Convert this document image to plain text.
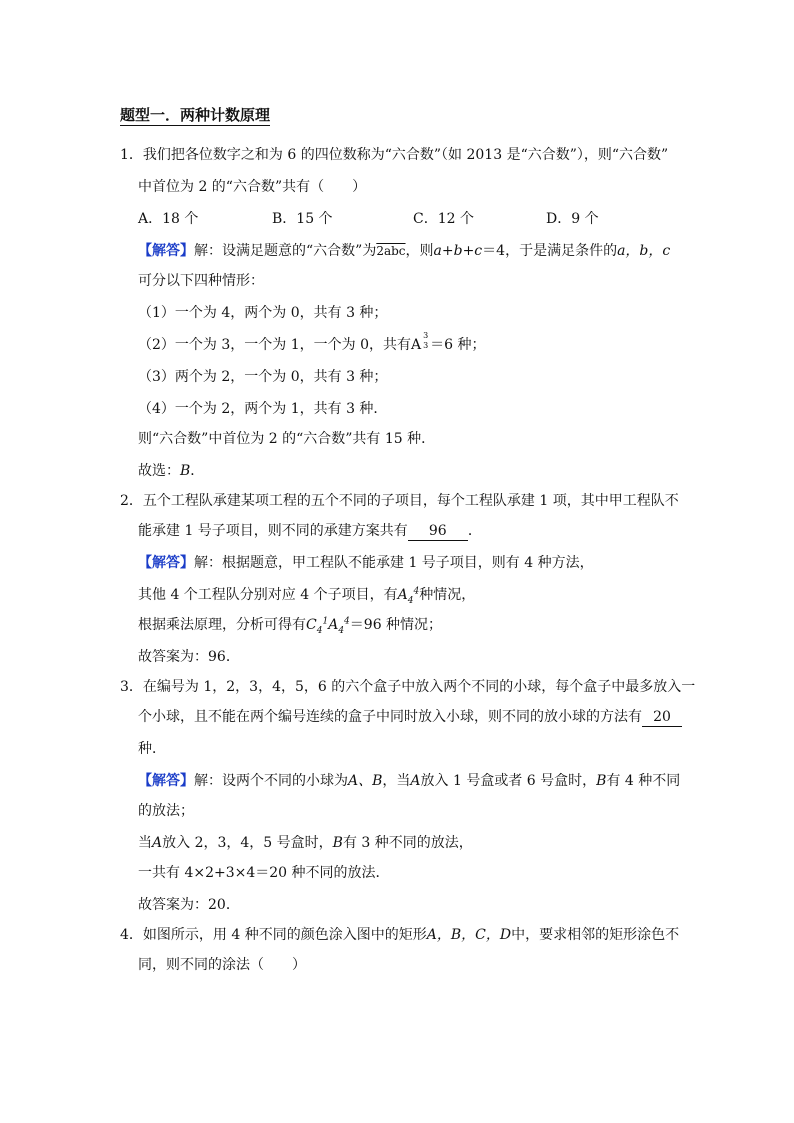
题型一．两种计数原理
1．我们把各位数字之和为 6 的四位数称为“六合数”（如 2013 是“六合数”），则“六合数”
中首位为 2 的“六合数”共有（　　）
A．18 个	B．15 个	C．12 个	D．9 个
【解答】解：设满足题意的“六合数”为2abc，则a+b+c＝4，于是满足条件的a，b，c
可分以下四种情形：
（1）一个为 4，两个为 0，共有 3 种；
（2）一个为 3，一个为 1，一个为 0，共有A
3
3 ＝6 种；
（3）两个为 2，一个为 0，共有 3 种；
（4）一个为 2，两个为 1，共有 3 种．
则“六合数”中首位为 2 的“六合数”共有 15 种．
故选：B．
2．五个工程队承建某项工程的五个不同的子项目，每个工程队承建 1 项，其中甲工程队不
能承建 1 号子项目，则不同的承建方案共有 96 ．
【解答】解：根据题意，甲工程队不能承建 1 号子项目，则有 4 种方法，
其他 4 个工程队分别对应 4 个子项目，有$A_4^4$种情况，
根据乘法原理，分析可得有$C_4^1A_4^4=96$ 种情况；
故答案为：96．
3．在编号为 1，2，3，4，5，6 的六个盒子中放入两个不同的小球，每个盒子中最多放入一
个小球，且不能在两个编号连续的盒子中同时放入小球，则不同的放小球的方法有 20
种．
【解答】解：设两个不同的小球为A、B，当A放入 1 号盒或者 6 号盒时，B有 4 种不同
的放法；
当A放入 2，3，4，5 号盒时，B有 3 种不同的放法，
一共有 4×2+3×4＝20 种不同的放法．
故答案为：20．
4．如图所示，用 4 种不同的颜色涂入图中的矩形A，B，C，D中，要求相邻的矩形涂色不
同，则不同的涂法（　　）
